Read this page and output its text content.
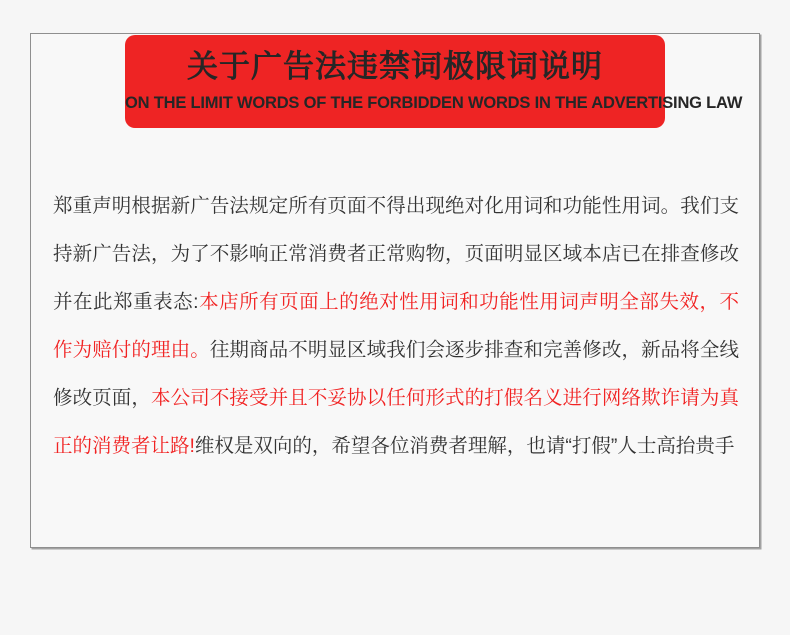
关于广告法违禁词极限词说明
ON THE LIMIT WORDS OF THE FORBIDDEN WORDS IN THE ADVERTISING LAW

郑重声明根据新广告法规定所有页面不得出现绝对化用词和功能性用词。我们支持新广告法，为了不影响正常消费者正常购物，页面明显区域本店已在排查修改并在此郑重表态:本店所有页面上的绝对性用词和功能性用词声明全部失效，不作为赔付的理由。往期商品不明显区域我们会逐步排查和完善修改，新品将全线修改页面，本公司不接受并且不妥协以任何形式的打假名义进行网络欺诈请为真正的消费者让路!维权是双向的，希望各位消费者理解，也请“打假”人士高抬贵手
